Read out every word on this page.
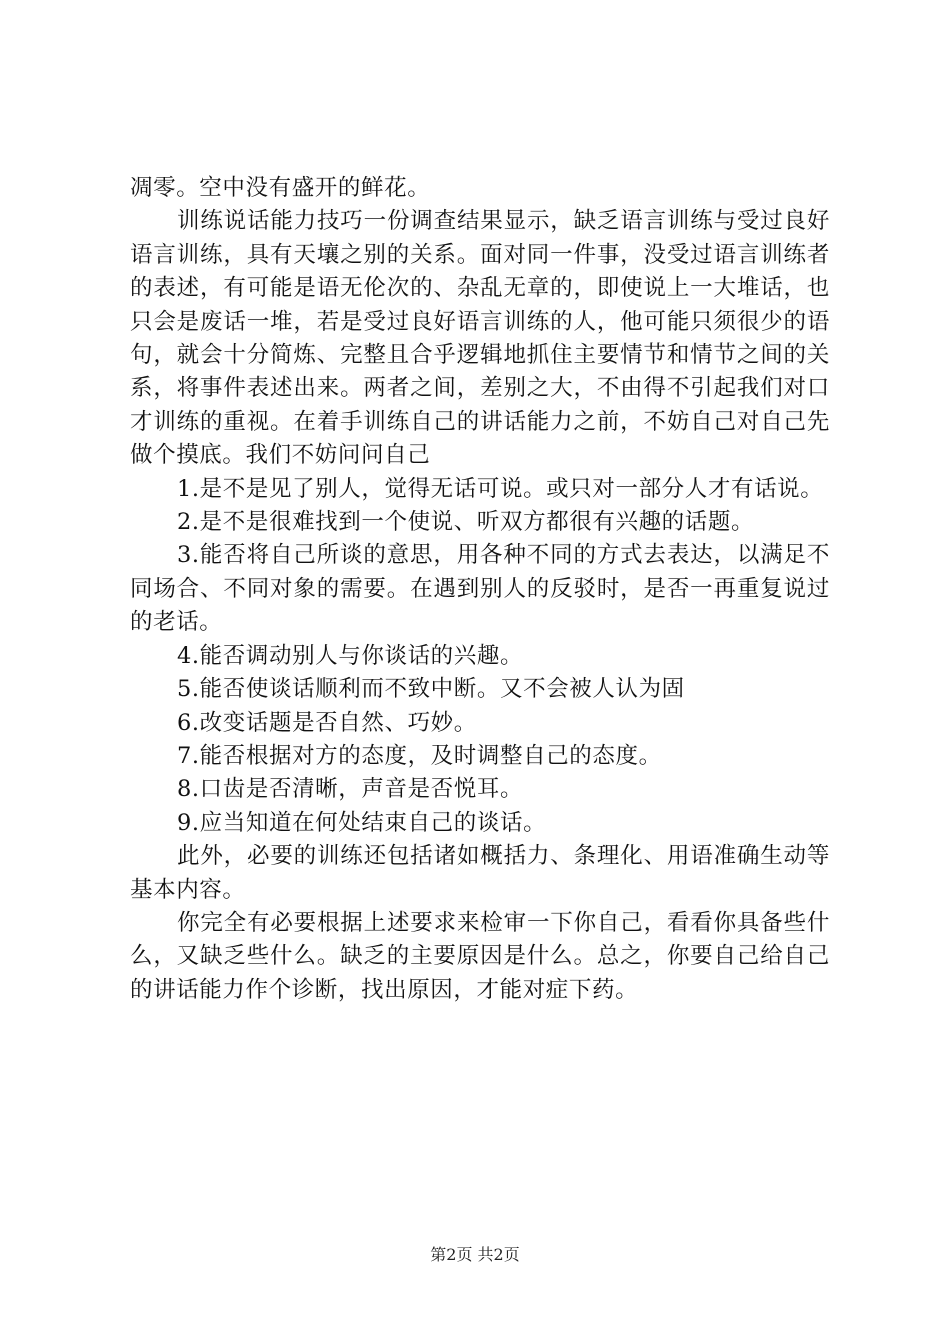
凋零。空中没有盛开的鲜花。

训练说话能力技巧一份调查结果显示，缺乏语言训练与受过良好语言训练，具有天壤之别的关系。面对同一件事，没受过语言训练者的表述，有可能是语无伦次的、杂乱无章的，即使说上一大堆话，也只会是废话一堆，若是受过良好语言训练的人，他可能只须很少的语句，就会十分简炼、完整且合乎逻辑地抓住主要情节和情节之间的关系，将事件表述出来。两者之间，差别之大，不由得不引起我们对口才训练的重视。在着手训练自己的讲话能力之前，不妨自己对自己先做个摸底。我们不妨问问自己

1.是不是见了别人，觉得无话可说。或只对一部分人才有话说。

2.是不是很难找到一个使说、听双方都很有兴趣的话题。

3.能否将自己所谈的意思，用各种不同的方式去表达，以满足不同场合、不同对象的需要。在遇到别人的反驳时，是否一再重复说过的老话。

4.能否调动别人与你谈话的兴趣。

5.能否使谈话顺利而不致中断。又不会被人认为固

6.改变话题是否自然、巧妙。

7.能否根据对方的态度，及时调整自己的态度。

8.口齿是否清晰，声音是否悦耳。

9.应当知道在何处结束自己的谈话。

此外，必要的训练还包括诸如概括力、条理化、用语准确生动等基本内容。

你完全有必要根据上述要求来检审一下你自己，看看你具备些什么，又缺乏些什么。缺乏的主要原因是什么。总之，你要自己给自己的讲话能力作个诊断，找出原因，才能对症下药。

第2页 共2页
